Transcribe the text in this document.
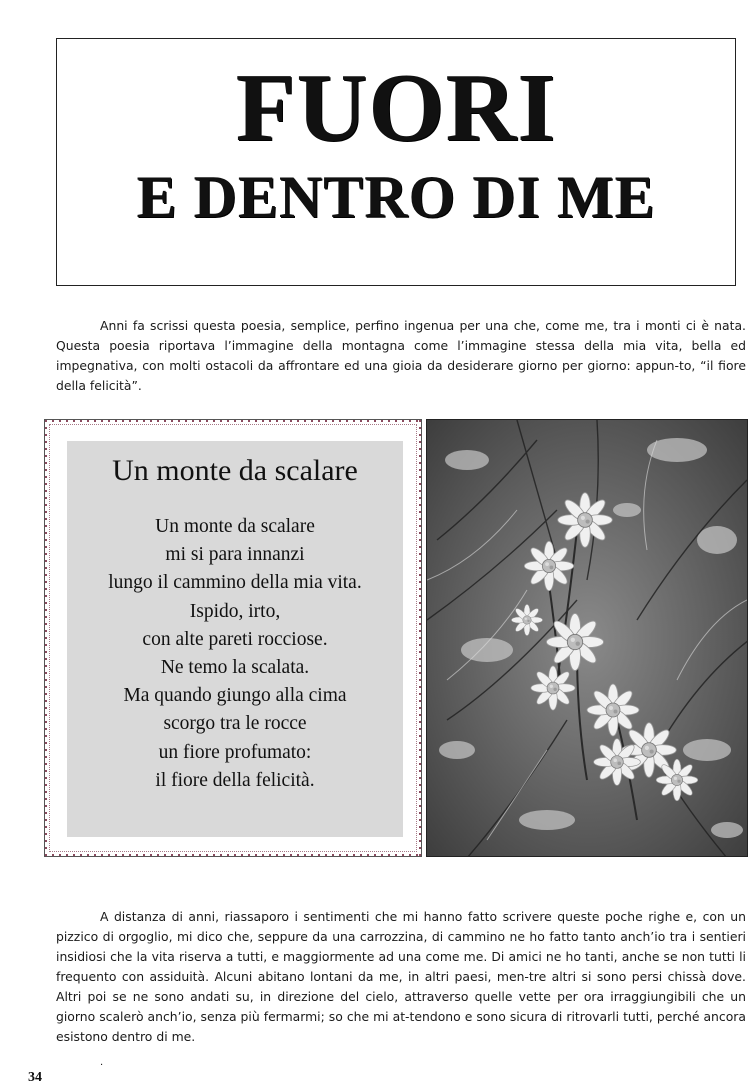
FUORI
E DENTRO DI ME

Anni fa scrissi questa poesia, semplice, perfino ingenua per una che, come me, tra i monti ci è nata. Questa poesia riportava l’immagine della montagna come l’immagine stessa della mia vita, bella ed impegnativa, con molti ostacoli da affrontare ed una gioia da desiderare giorno per giorno: appun-to, “il fiore della felicità”.

Un monte da scalare
Un monte da scalare
mi si para innanzi
lungo il cammino della mia vita.
Ispido, irto,
con alte pareti rocciose.
Ne temo la scalata.
Ma quando giungo alla cima
scorgo tra le rocce
un fiore profumato:
il fiore della felicità.

A distanza di anni, riassaporo i sentimenti che mi hanno fatto scrivere queste poche righe e, con un pizzico di orgoglio, mi dico che, seppure da una carrozzina, di cammino ne ho fatto tanto anch’io tra i sentieri insidiosi che la vita riserva a tutti, e maggiormente ad una come me. Di amici ne ho tanti, anche se non tutti li frequento con assiduità. Alcuni abitano lontani da me, in altri paesi, men-tre altri si sono persi chissà dove. Altri poi se ne sono andati su, in direzione del cielo, attraverso quelle vette per ora irraggiungibili che un giorno scalerò anch’io, senza più fermarmi; so che mi at-tendono e sono sicura di ritrovarli tutti, perché ancora esistono dentro di me.

.
34
